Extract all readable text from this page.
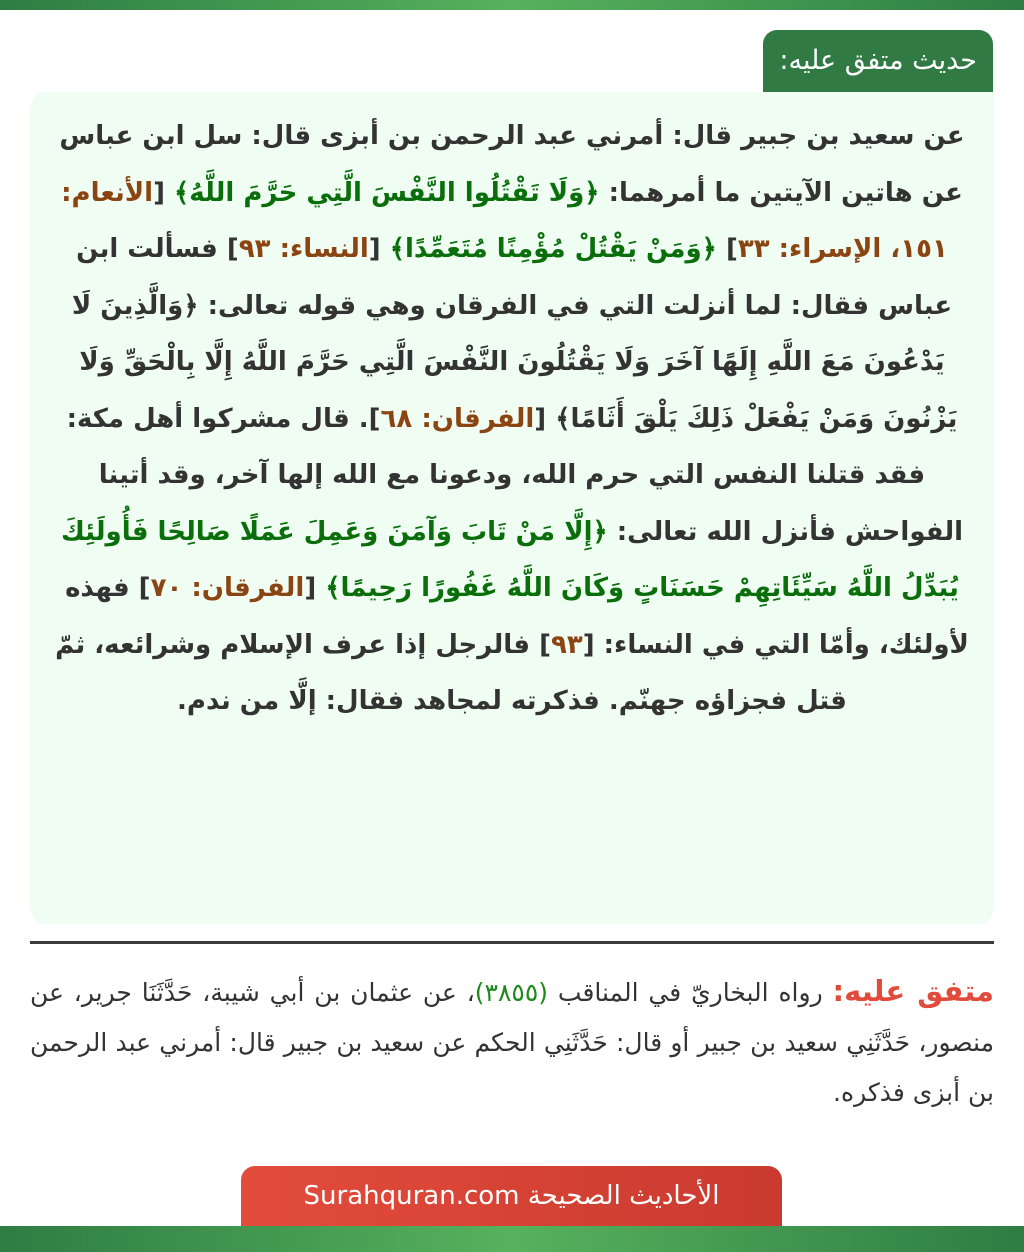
حديث متفق عليه:

عن سعيد بن جبير قال: أمرني عبد الرحمن بن أبزى قال: سل ابن عباس عن هاتين الآيتين ما أمرهما: ﴿وَلَا تَقْتُلُوا النَّفْسَ الَّتِي حَرَّمَ اللَّهُ﴾ [الأنعام: ١٥١، الإسراء: ٣٣] ﴿وَمَنْ يَقْتُلْ مُؤْمِنًا مُتَعَمِّدًا﴾ [النساء: ٩٣] فسألت ابن عباس فقال: لما أنزلت التي في الفرقان وهي قوله تعالى: ﴿وَالَّذِينَ لَا يَدْعُونَ مَعَ اللَّهِ إِلَهًا آخَرَ وَلَا يَقْتُلُونَ النَّفْسَ الَّتِي حَرَّمَ اللَّهُ إِلَّا بِالْحَقِّ وَلَا يَزْنُونَ وَمَنْ يَفْعَلْ ذَلِكَ يَلْقَ أَثَامًا﴾ [الفرقان: ٦٨]. قال مشركوا أهل مكة: فقد قتلنا النفس التي حرم الله، ودعونا مع الله إلها آخر، وقد أتينا الفواحش فأنزل الله تعالى: ﴿إِلَّا مَنْ تَابَ وَآمَنَ وَعَمِلَ عَمَلًا صَالِحًا فَأُولَئِكَ يُبَدِّلُ اللَّهُ سَيِّئَاتِهِمْ حَسَنَاتٍ وَكَانَ اللَّهُ غَفُورًا رَحِيمًا﴾ [الفرقان: ٧٠] فهذه لأولئك، وأمّا التي في النساء: [٩٣] فالرجل إذا عرف الإسلام وشرائعه، ثمّ قتل فجزاؤه جهنّم. فذكرته لمجاهد فقال: إلَّا من ندم.

متفق عليه: رواه البخاريّ في المناقب (٣٨٥٥)، عن عثمان بن أبي شيبة، حَدَّثَنَا جرير، عن منصور، حَدَّثَنِي سعيد بن جبير أو قال: حَدَّثَنِي الحكم عن سعيد بن جبير قال: أمرني عبد الرحمن بن أبزى فذكره.

الأحاديث الصحيحة Surahquran.com
